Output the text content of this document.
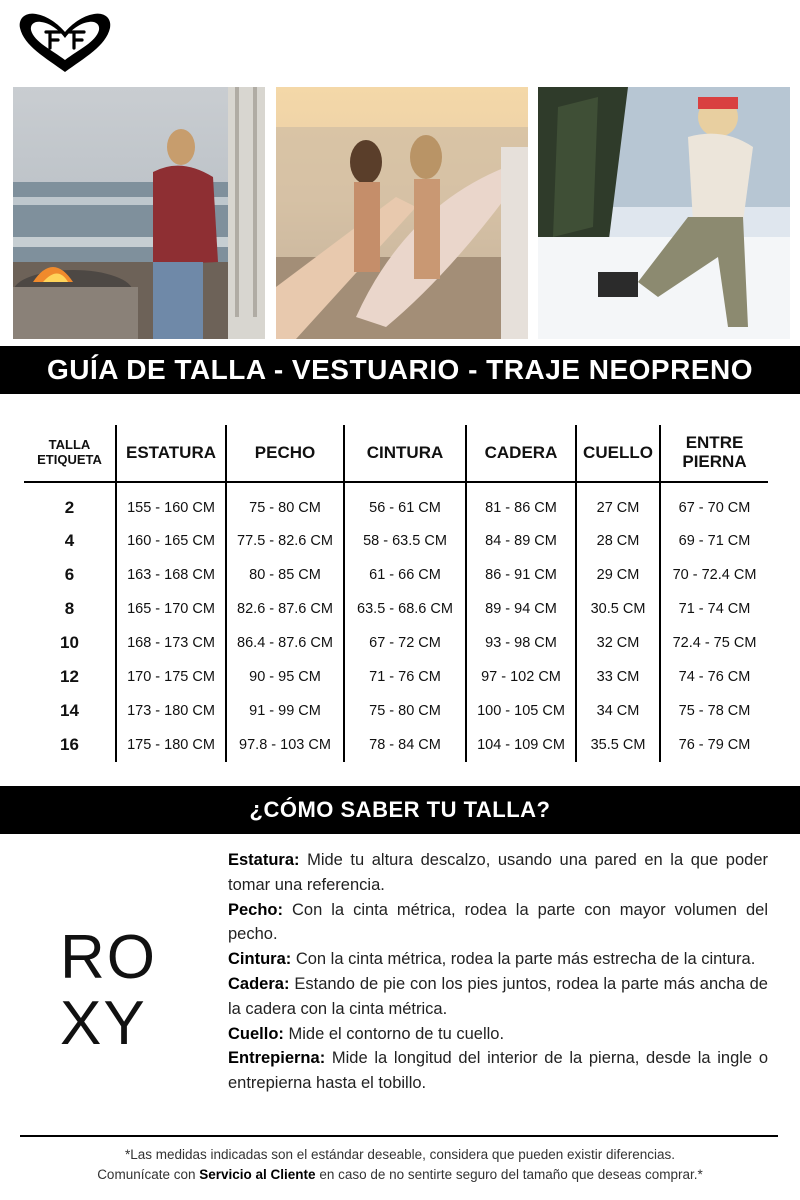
GUÍA DE TALLA - VESTUARIO - TRAJE NEOPRENO
TALLA
ETIQUETA	ESTATURA	PECHO	CINTURA	CADERA	CUELLO	ENTRE
PIERNA
2	155 - 160 CM	75 - 80 CM	56 - 61 CM	81 - 86 CM	27 CM	67 - 70 CM
4	160 - 165 CM	77.5 - 82.6 CM	58 - 63.5 CM	84 - 89 CM	28 CM	69 - 71 CM
6	163 - 168 CM	80 - 85 CM	61 - 66 CM	86 - 91 CM	29 CM	70 - 72.4 CM
8	165 - 170 CM	82.6 - 87.6 CM	63.5 - 68.6 CM	89 - 94 CM	30.5 CM	71 - 74 CM
10	168 - 173 CM	86.4 - 87.6 CM	67 - 72 CM	93 - 98 CM	32 CM	72.4 - 75 CM
12	170 - 175 CM	90 - 95 CM	71 - 76 CM	97 - 102 CM	33 CM	74 - 76 CM
14	173 - 180 CM	91 - 99 CM	75 - 80 CM	100 - 105 CM	34 CM	75 - 78 CM
16	175 - 180 CM	97.8 - 103 CM	78 - 84 CM	104 - 109 CM	35.5 CM	76 - 79 CM
¿CÓMO SABER TU TALLA?
RO
XY

Estatura: Mide tu altura descalzo, usando una pared en la que poder tomar una referencia.

Pecho: Con la cinta métrica, rodea la parte con mayor volumen del pecho.

Cintura: Con la cinta métrica, rodea la parte más estrecha de la cintura.

Cadera: Estando de pie con los pies juntos, rodea la parte más ancha de la cadera con la cinta métrica.

Cuello: Mide el contorno de tu cuello.

Entrepierna: Mide la longitud del interior de la pierna, desde la ingle o entrepierna hasta el tobillo.

*Las medidas indicadas son el estándar deseable, considera que pueden existir diferencias.
Comunícate con Servicio al Cliente en caso de no sentirte seguro del tamaño que deseas comprar.*
